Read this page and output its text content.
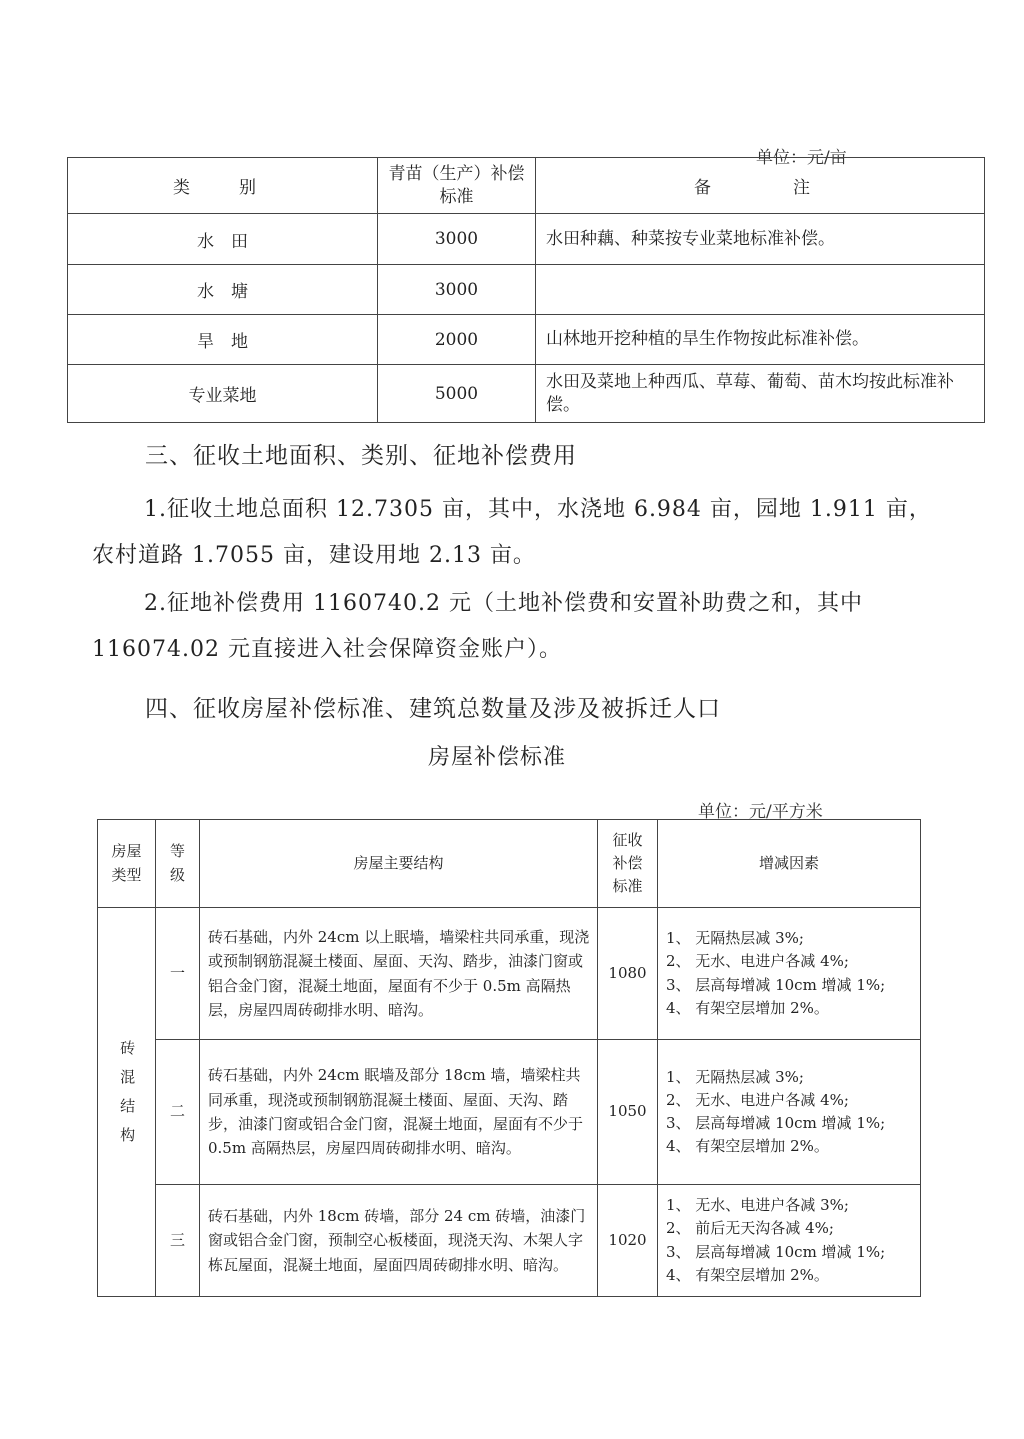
单位：元/亩
类　别	青苗（生产）补偿标准	备　　注
水　田	3000	水田种藕、种菜按专业菜地标准补偿。
水　塘	3000	
旱　地	2000	山林地开挖种植的旱生作物按此标准补偿。
专业菜地	5000	水田及菜地上种西瓜、草莓、葡萄、苗木均按此标准补偿。
三、征收土地面积、类别、征地补偿费用
1.征收土地总面积 12.7305 亩，其中，水浇地 6.984 亩，园地 1.911 亩，农村道路 1.7055 亩，建设用地 2.13 亩。
2.征地补偿费用 1160740.2 元（土地补偿费和安置补助费之和，其中 116074.02 元直接进入社会保障资金账户）。
四、征收房屋补偿标准、建筑总数量及涉及被拆迁人口
房屋补偿标准
单位：元/平方米
房屋类型	等级	房屋主要结构	征收补偿标准	增减因素
砖混结构	一	砖石基础，内外 24cm 以上眠墙，墙梁柱共同承重，现浇或预制钢筋混凝土楼面、屋面、天沟、踏步，油漆门窗或铝合金门窗，混凝土地面，屋面有不少于 0.5m 高隔热层，房屋四周砖砌排水明、暗沟。	1080	1、 无隔热层减 3%;
2、 无水、电进户各减 4%;
3、 层高每增减 10cm 增减 1%;
4、 有架空层增加 2%。
	二	砖石基础，内外 24cm 眠墙及部分 18cm 墙，墙梁柱共同承重，现浇或预制钢筋混凝土楼面、屋面、天沟、踏步，油漆门窗或铝合金门窗，混凝土地面，屋面有不少于 0.5m 高隔热层，房屋四周砖砌排水明、暗沟。	1050	1、 无隔热层减 3%;
2、 无水、电进户各减 4%;
3、 层高每增减 10cm 增减 1%;
4、 有架空层增加 2%。
	三	砖石基础，内外 18cm 砖墙，部分 24 cm 砖墙，油漆门窗或铝合金门窗，预制空心板楼面，现浇天沟、木架人字栋瓦屋面，混凝土地面，屋面四周砖砌排水明、暗沟。	1020	1、 无水、电进户各减 3%;
2、 前后无天沟各减 4%;
3、 层高每增减 10cm 增减 1%;
4、 有架空层增加 2%。
